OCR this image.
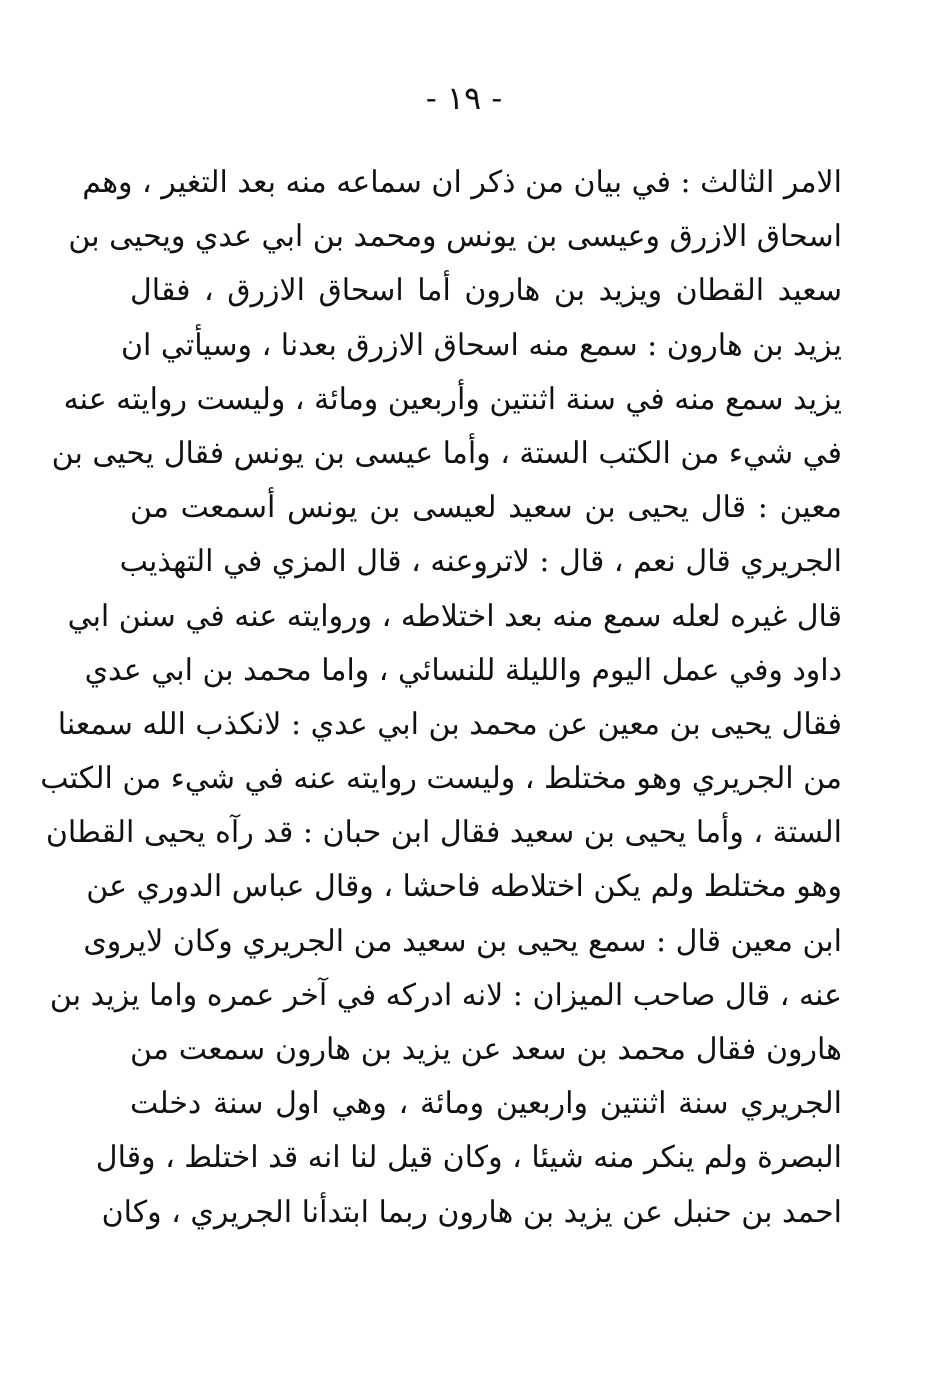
- ١٩ -
الامر الثالث : في بيان من ذكر ان سماعه منه بعد التغير ، وهم
اسحاق الازرق وعيسى بن يونس ومحمد بن ابي عدي ويحيى بن
سعيد القطان ويزيد بن هارون أما اسحاق الازرق ، فقال
يزيد بن هارون : سمع منه اسحاق الازرق بعدنا ، وسيأتي ان
يزيد سمع منه في سنة اثنتين وأربعين ومائة ، وليست روايته عنه
في شيء من الكتب الستة ، وأما عيسى بن يونس فقال يحيى بن
معين : قال يحيى بن سعيد لعيسى بن يونس أسمعت من
الجريري قال نعم ، قال : لاتروعنه ، قال المزي في التهذيب
قال غيره لعله سمع منه بعد اختلاطه ، وروايته عنه في سنن ابي
داود وفي عمل اليوم والليلة للنسائي ، واما محمد بن ابي عدي
فقال يحيى بن معين عن محمد بن ابي عدي : لانكذب الله سمعنا
من الجريري وهو مختلط ، وليست روايته عنه في شيء من الكتب
الستة ، وأما يحيى بن سعيد فقال ابن حبان : قد رآه يحيى القطان
وهو مختلط ولم يكن اختلاطه فاحشا ، وقال عباس الدوري عن
ابن معين قال : سمع يحيى بن سعيد من الجريري وكان لايروى
عنه ، قال صاحب الميزان : لانه ادركه في آخر عمره واما يزيد بن
هارون فقال محمد بن سعد عن يزيد بن هارون سمعت من
الجريري سنة اثنتين واربعين ومائة ، وهي اول سنة دخلت
البصرة ولم ينكر منه شيئا ، وكان قيل لنا انه قد اختلط ، وقال
احمد بن حنبل عن يزيد بن هارون ربما ابتدأنا الجريري ، وكان
